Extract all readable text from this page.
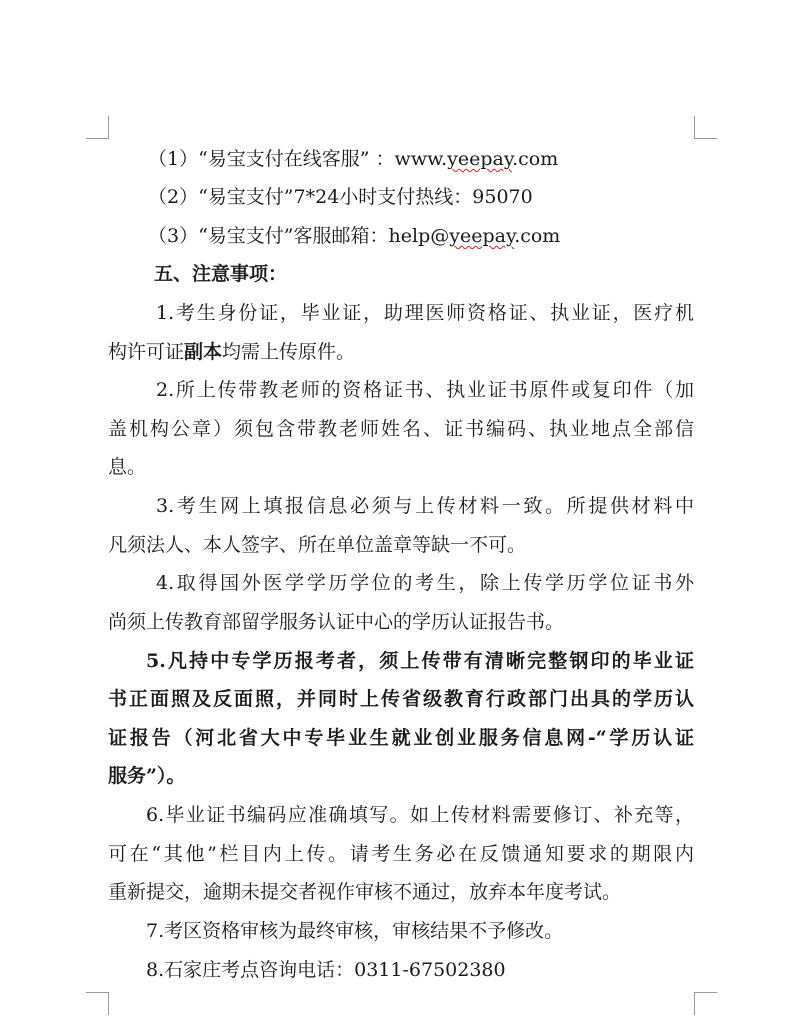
（1）“易宝支付在线客服” ：www.yeepay.com
（2）“易宝支付”7*24小时支付热线：95070
（3）“易宝支付”客服邮箱：help@yeepay.com
五、注意事项：
1.考生身份证，毕业证，助理医师资格证、执业证，医疗机
构许可证副本均需上传原件。
2.所上传带教老师的资格证书、执业证书原件或复印件（加
盖机构公章）须包含带教老师姓名、证书编码、执业地点全部信
息。
3.考生网上填报信息必须与上传材料一致。所提供材料中
凡须法人、本人签字、所在单位盖章等缺一不可。
4.取得国外医学学历学位的考生，除上传学历学位证书外
尚须上传教育部留学服务认证中心的学历认证报告书。
5.凡持中专学历报考者，须上传带有清晰完整钢印的毕业证
书正面照及反面照，并同时上传省级教育行政部门出具的学历认
证报告（河北省大中专毕业生就业创业服务信息网-“学历认证
服务”）。
6.毕业证书编码应准确填写。如上传材料需要修订、补充等，
可在“其他”栏目内上传。请考生务必在反馈通知要求的期限内
重新提交，逾期未提交者视作审核不通过，放弃本年度考试。
7.考区资格审核为最终审核，审核结果不予修改。
8.石家庄考点咨询电话：0311-67502380
